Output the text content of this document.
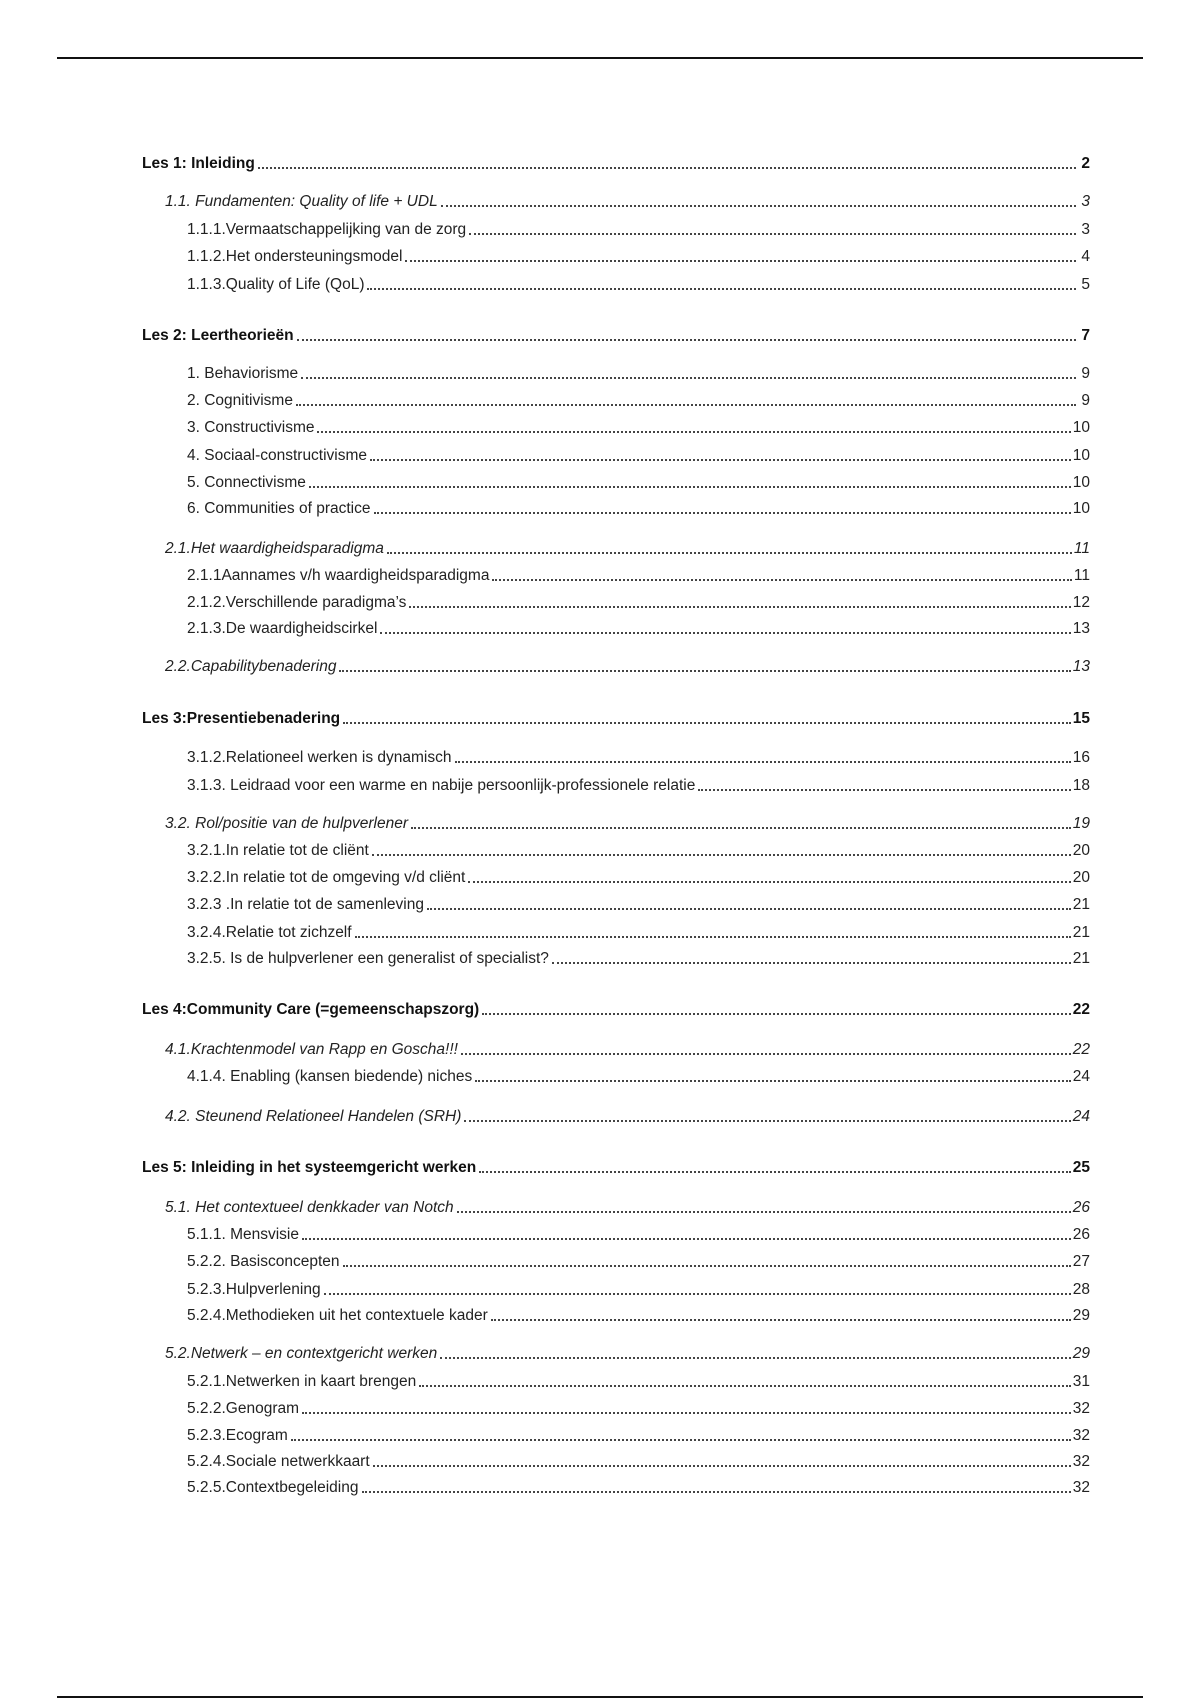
Les 1: Inleiding	2
1.1. Fundamenten: Quality of life + UDL	3
1.1.1.Vermaatschappelijking van de zorg	3
1.1.2.Het ondersteuningsmodel	4
1.1.3.Quality of Life (QoL)	5
Les 2: Leertheorieën	7
1. Behaviorisme	9
2. Cognitivisme	9
3. Constructivisme	10
4. Sociaal-constructivisme	10
5. Connectivisme	10
6. Communities of practice	10
2.1.Het waardigheidsparadigma	11
2.1.1Aannames v/h waardigheidsparadigma	11
2.1.2.Verschillende paradigma’s	12
2.1.3.De waardigheidscirkel	13
2.2.Capabilitybenadering	13
Les 3:Presentiebenadering	15
3.1.2.Relationeel werken is dynamisch	16
3.1.3. Leidraad voor een warme en nabije persoonlijk-professionele relatie	18
3.2. Rol/positie van de hulpverlener	19
3.2.1.In relatie tot de cliënt	20
3.2.2.In relatie tot de omgeving v/d cliënt	20
3.2.3 .In relatie tot de samenleving	21
3.2.4.Relatie tot zichzelf	21
3.2.5. Is de hulpverlener een generalist of specialist?	21
Les 4:Community Care (=gemeenschapszorg)	22
4.1.Krachtenmodel van Rapp en Goscha!!!	22
4.1.4. Enabling (kansen biedende) niches	24
4.2. Steunend Relationeel Handelen (SRH)	24
Les 5: Inleiding in het systeemgericht werken	25
5.1. Het contextueel denkkader van Notch	26
5.1.1. Mensvisie	26
5.2.2. Basisconcepten	27
5.2.3.Hulpverlening	28
5.2.4.Methodieken uit het contextuele kader	29
5.2.Netwerk – en contextgericht werken	29
5.2.1.Netwerken in kaart brengen	31
5.2.2.Genogram	32
5.2.3.Ecogram	32
5.2.4.Sociale netwerkkaart	32
5.2.5.Contextbegeleiding	32
